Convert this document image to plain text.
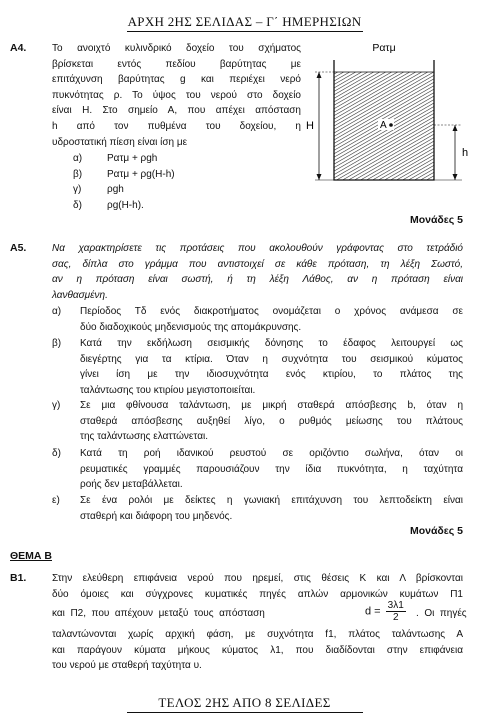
ΑΡΧΗ 2ΗΣ ΣΕΛΙΔΑΣ – Γ΄ ΗΜΕΡΗΣΙΩΝ
Α4.	Το ανοιχτό κυλινδρικό δοχείο του σχήματος
βρίσκεται εντός πεδίου βαρύτητας με
επιτάχυνση βαρύτητας g και περιέχει νερό
πυκνότητας ρ. Το ύψος του νερού στο δοχείο
είναι Η. Στο σημείο Α, που απέχει απόσταση
h από τον πυθμένα του δοχείου, η
υδροστατική πίεση είναι ίση με
α) Ρατμ + ρgh
β) Ρατμ + ρg(H-h)
γ)	ρgh
δ)	ρg(H-h).
Ρατμ
H
h
A
Μονάδες 5
Α5.	Να χαρακτηρίσετε τις προτάσεις που ακολουθούν γράφοντας στο τετράδιό
σας, δίπλα στο γράμμα που αντιστοιχεί σε κάθε πρόταση, τη λέξη Σωστό,
αν η πρόταση είναι σωστή, ή τη λέξη Λάθος, αν η πρόταση είναι
λανθασμένη.
α) Περίοδος Τδ ενός διακροτήματος ονομάζεται ο χρόνος ανάμεσα σε
δύο διαδοχικούς μηδενισμούς της απομάκρυνσης.
β) Κατά την εκδήλωση σεισμικής δόνησης το έδαφος λειτουργεί ως
διεγέρτης για τα κτίρια. Όταν η συχνότητα του σεισμικού κύματος
γίνει ίση με την ιδιοσυχνότητα ενός κτιρίου, το πλάτος της
ταλάντωσης του κτιρίου μεγιστοποιείται.
γ) Σε μια φθίνουσα ταλάντωση, με μικρή σταθερά απόσβεσης b, όταν η
σταθερά απόσβεσης αυξηθεί λίγο, ο ρυθμός μείωσης του πλάτους
της ταλάντωσης ελαττώνεται.
δ) Κατά τη ροή ιδανικού ρευστού σε οριζόντιο σωλήνα, όταν οι
ρευματικές γραμμές παρουσιάζουν την ίδια πυκνότητα, η ταχύτητα
ροής δεν μεταβάλλεται.
ε) Σε ένα ρολόι με δείκτες η γωνιακή επιτάχυνση του λεπτοδείκτη είναι
σταθερή και διάφορη του μηδενός.
Μονάδες 5
ΘΕΜΑ Β
Β1.	Στην ελεύθερη επιφάνεια νερού που ηρεμεί, στις θέσεις Κ και Λ βρίσκονται
δύο όμοιες και σύγχρονες κυματικές πηγές απλών αρμονικών κυμάτων Π1
και  Π2,  που  απέχουν  μεταξύ  τους  απόσταση	$d = \frac{3\lambda 1}{2}$ .  Οι  πηγές
ταλαντώνονται χωρίς αρχική φάση, με συχνότητα f1, πλάτος ταλάντωσης Α
και παράγουν κύματα μήκους κύματος λ1, που διαδίδονται στην επιφάνεια
του νερού με σταθερή ταχύτητα υ.
ΤΕΛΟΣ 2ΗΣ ΑΠΟ 8 ΣΕΛΙΔΕΣ
